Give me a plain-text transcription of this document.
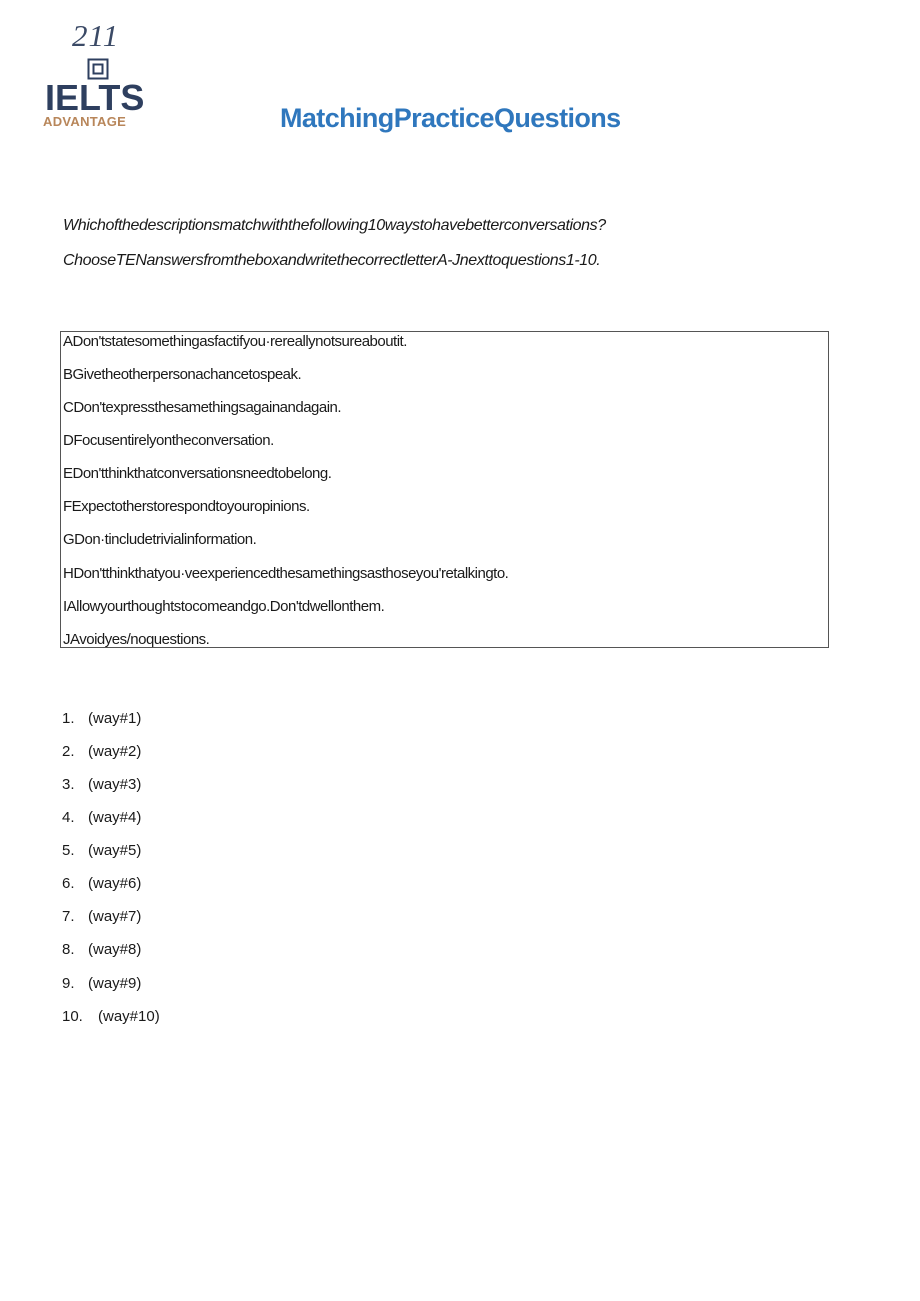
211
IELTS
ADVANTAGE	MatchingPracticeQuestions

Whichofthedescriptionsmatchwiththefollowing10waystohavebetterconversations?

ChooseTENanswersfromtheboxandwritethecorrectletterA-Jnexttoquestions1-10.

ADon'tstatesomethingasfactifyou·rereallynotsureaboutit.
BGivetheotherpersonachancetospeak.
CDon'texpressthesamethingsagainandagain.
DFocusentirelyontheconversation.
EDon'tthinkthatconversationsneedtobelong.
FExpectotherstorespondtoyouropinions.
GDon·tincludetrivialinformation.
HDon'tthinkthatyou·veexperiencedthesamethingsasthoseyou'retalkingto.
IAllowyourthoughtstocomeandgo.Don'tdwellonthem.
JAvoidyes/noquestions.
1. (way#1)
2. (way#2)
3. (way#3)
4. (way#4)
5. (way#5)
6. (way#6)
7. (way#7)
8. (way#8)
9. (way#9)
10. (way#10)
